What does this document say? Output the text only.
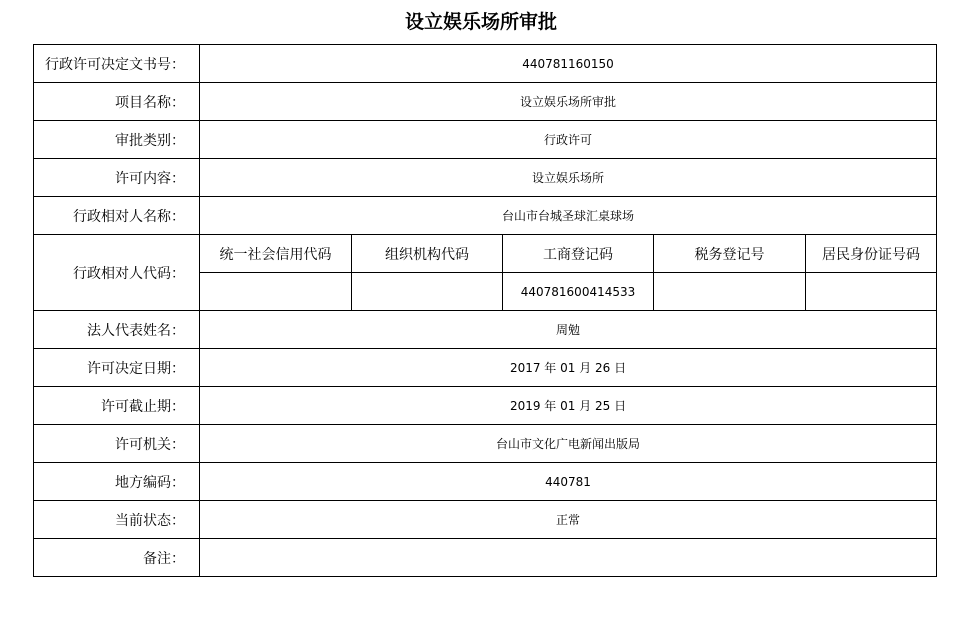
设立娱乐场所审批
行政许可决定文书号：	440781160150				
项目名称：	设立娱乐场所审批				
审批类别：	行政许可				
许可内容：	设立娱乐场所				
行政相对人名称：	台山市台城圣球汇桌球场				
行政相对人代码：	统一社会信用代码	组织机构代码	工商登记码	税务登记号	居民身份证号码
			440781600414533		
法人代表姓名：	周勉				
许可决定日期：	2017 年 01 月 26 日				
许可截止期：	2019 年 01 月 25 日				
许可机关：	台山市文化广电新闻出版局				
地方编码：	440781				
当前状态：	正常				
备注：					
